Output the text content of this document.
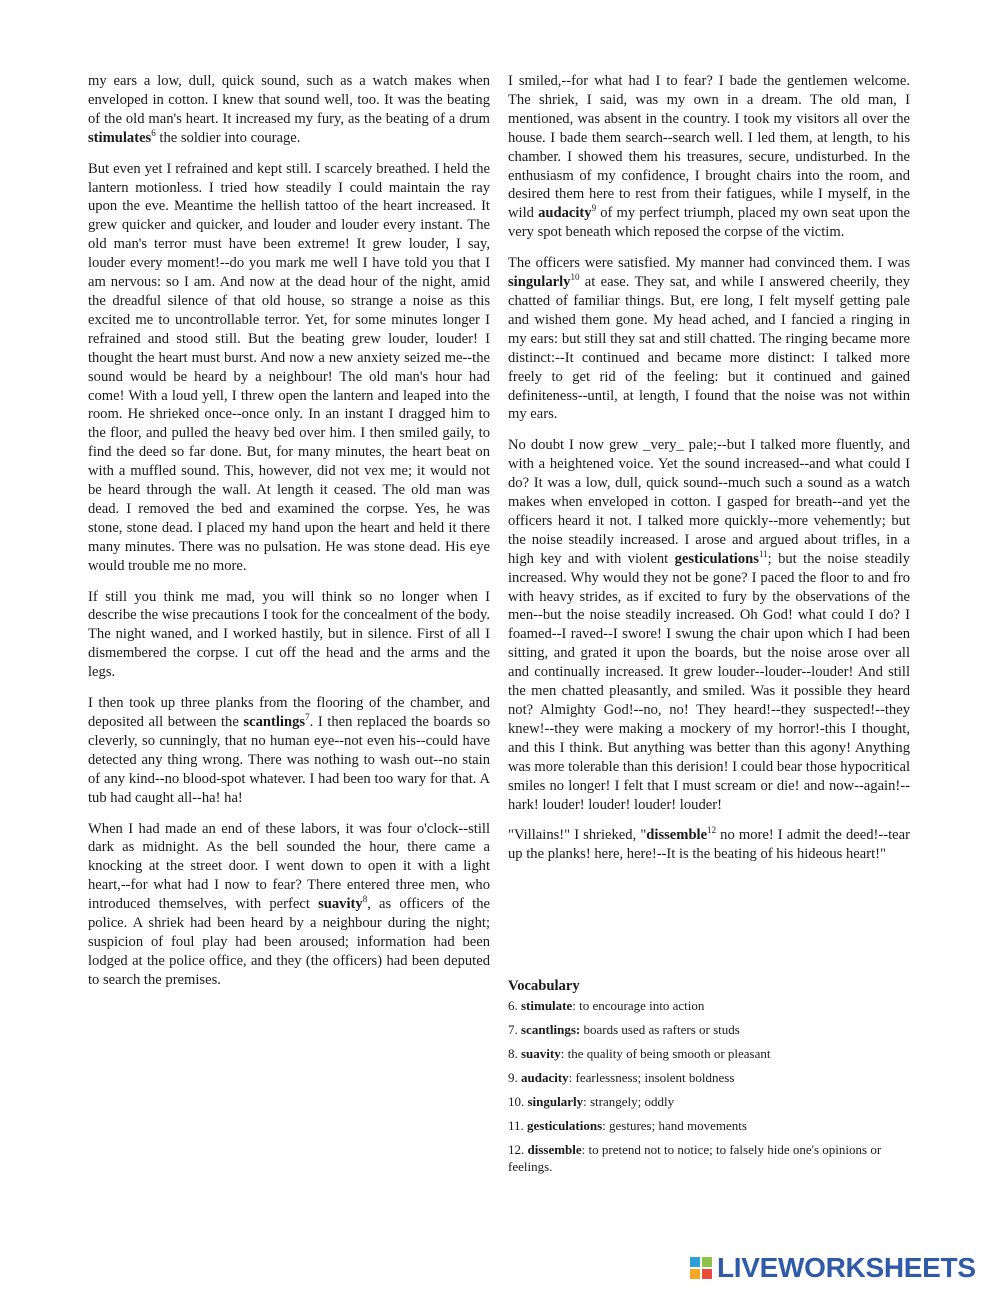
my ears a low, dull, quick sound, such as a watch makes when enveloped in cotton. I knew that sound well, too. It was the beating of the old man's heart. It increased my fury, as the beating of a drum stimulates$^6$ the soldier into courage.

But even yet I refrained and kept still. I scarcely breathed. I held the lantern motionless. I tried how steadily I could maintain the ray upon the eve. Meantime the hellish tattoo of the heart increased. It grew quicker and quicker, and louder and louder every instant. The old man's terror must have been extreme! It grew louder, I say, louder every moment!--do you mark me well I have told you that I am nervous: so I am. And now at the dead hour of the night, amid the dreadful silence of that old house, so strange a noise as this excited me to uncontrollable terror. Yet, for some minutes longer I refrained and stood still. But the beating grew louder, louder! I thought the heart must burst. And now a new anxiety seized me--the sound would be heard by a neighbour! The old man's hour had come! With a loud yell, I threw open the lantern and leaped into the room. He shrieked once--once only. In an instant I dragged him to the floor, and pulled the heavy bed over him. I then smiled gaily, to find the deed so far done. But, for many minutes, the heart beat on with a muffled sound. This, however, did not vex me; it would not be heard through the wall. At length it ceased. The old man was dead. I removed the bed and examined the corpse. Yes, he was stone, stone dead. I placed my hand upon the heart and held it there many minutes. There was no pulsation. He was stone dead. His eye would trouble me no more.

If still you think me mad, you will think so no longer when I describe the wise precautions I took for the concealment of the body. The night waned, and I worked hastily, but in silence. First of all I dismembered the corpse. I cut off the head and the arms and the legs.

I then took up three planks from the flooring of the chamber, and deposited all between the scantlings$^7$. I then replaced the boards so cleverly, so cunningly, that no human eye--not even his--could have detected any thing wrong. There was nothing to wash out--no stain of any kind--no blood-spot whatever. I had been too wary for that. A tub had caught all--ha! ha!

When I had made an end of these labors, it was four o'clock--still dark as midnight. As the bell sounded the hour, there came a knocking at the street door. I went down to open it with a light heart,--for what had I now to fear? There entered three men, who introduced themselves, with perfect suavity$^8$, as officers of the police. A shriek had been heard by a neighbour during the night; suspicion of foul play had been aroused; information had been lodged at the police office, and they (the officers) had been deputed to search the premises.

I smiled,--for what had I to fear? I bade the gentlemen welcome. The shriek, I said, was my own in a dream. The old man, I mentioned, was absent in the country. I took my visitors all over the house. I bade them search--search well. I led them, at length, to his chamber. I showed them his treasures, secure, undisturbed. In the enthusiasm of my confidence, I brought chairs into the room, and desired them here to rest from their fatigues, while I myself, in the wild audacity$^9$ of my perfect triumph, placed my own seat upon the very spot beneath which reposed the corpse of the victim.

The officers were satisfied. My manner had convinced them. I was singularly$^{10}$ at ease. They sat, and while I answered cheerily, they chatted of familiar things. But, ere long, I felt myself getting pale and wished them gone. My head ached, and I fancied a ringing in my ears: but still they sat and still chatted. The ringing became more distinct:--It continued and became more distinct: I talked more freely to get rid of the feeling: but it continued and gained definiteness--until, at length, I found that the noise was not within my ears.

No doubt I now grew _very_ pale;--but I talked more fluently, and with a heightened voice. Yet the sound increased--and what could I do? It was a low, dull, quick sound--much such a sound as a watch makes when enveloped in cotton. I gasped for breath--and yet the officers heard it not. I talked more quickly--more vehemently; but the noise steadily increased. I arose and argued about trifles, in a high key and with violent gesticulations$^{11}$; but the noise steadily increased. Why would they not be gone? I paced the floor to and fro with heavy strides, as if excited to fury by the observations of the men--but the noise steadily increased. Oh God! what could I do? I foamed--I raved--I swore! I swung the chair upon which I had been sitting, and grated it upon the boards, but the noise arose over all and continually increased. It grew louder--louder--louder! And still the men chatted pleasantly, and smiled. Was it possible they heard not? Almighty God!--no, no! They heard!--they suspected!--they knew!--they were making a mockery of my horror!-this I thought, and this I think. But anything was better than this agony! Anything was more tolerable than this derision! I could bear those hypocritical smiles no longer! I felt that I must scream or die! and now--again!--hark! louder! louder! louder! louder!

"Villains!" I shrieked, "dissemble$^{12}$ no more! I admit the deed!--tear up the planks! here, here!--It is the beating of his hideous heart!"

Vocabulary
6. stimulate: to encourage into action
7. scantlings: boards used as rafters or studs
8. suavity: the quality of being smooth or pleasant
9. audacity: fearlessness; insolent boldness
10. singularly: strangely; oddly
11. gesticulations: gestures; hand movements
12. dissemble: to pretend not to notice; to falsely hide one's opinions or feelings.
LIVEWORKSHEETS
